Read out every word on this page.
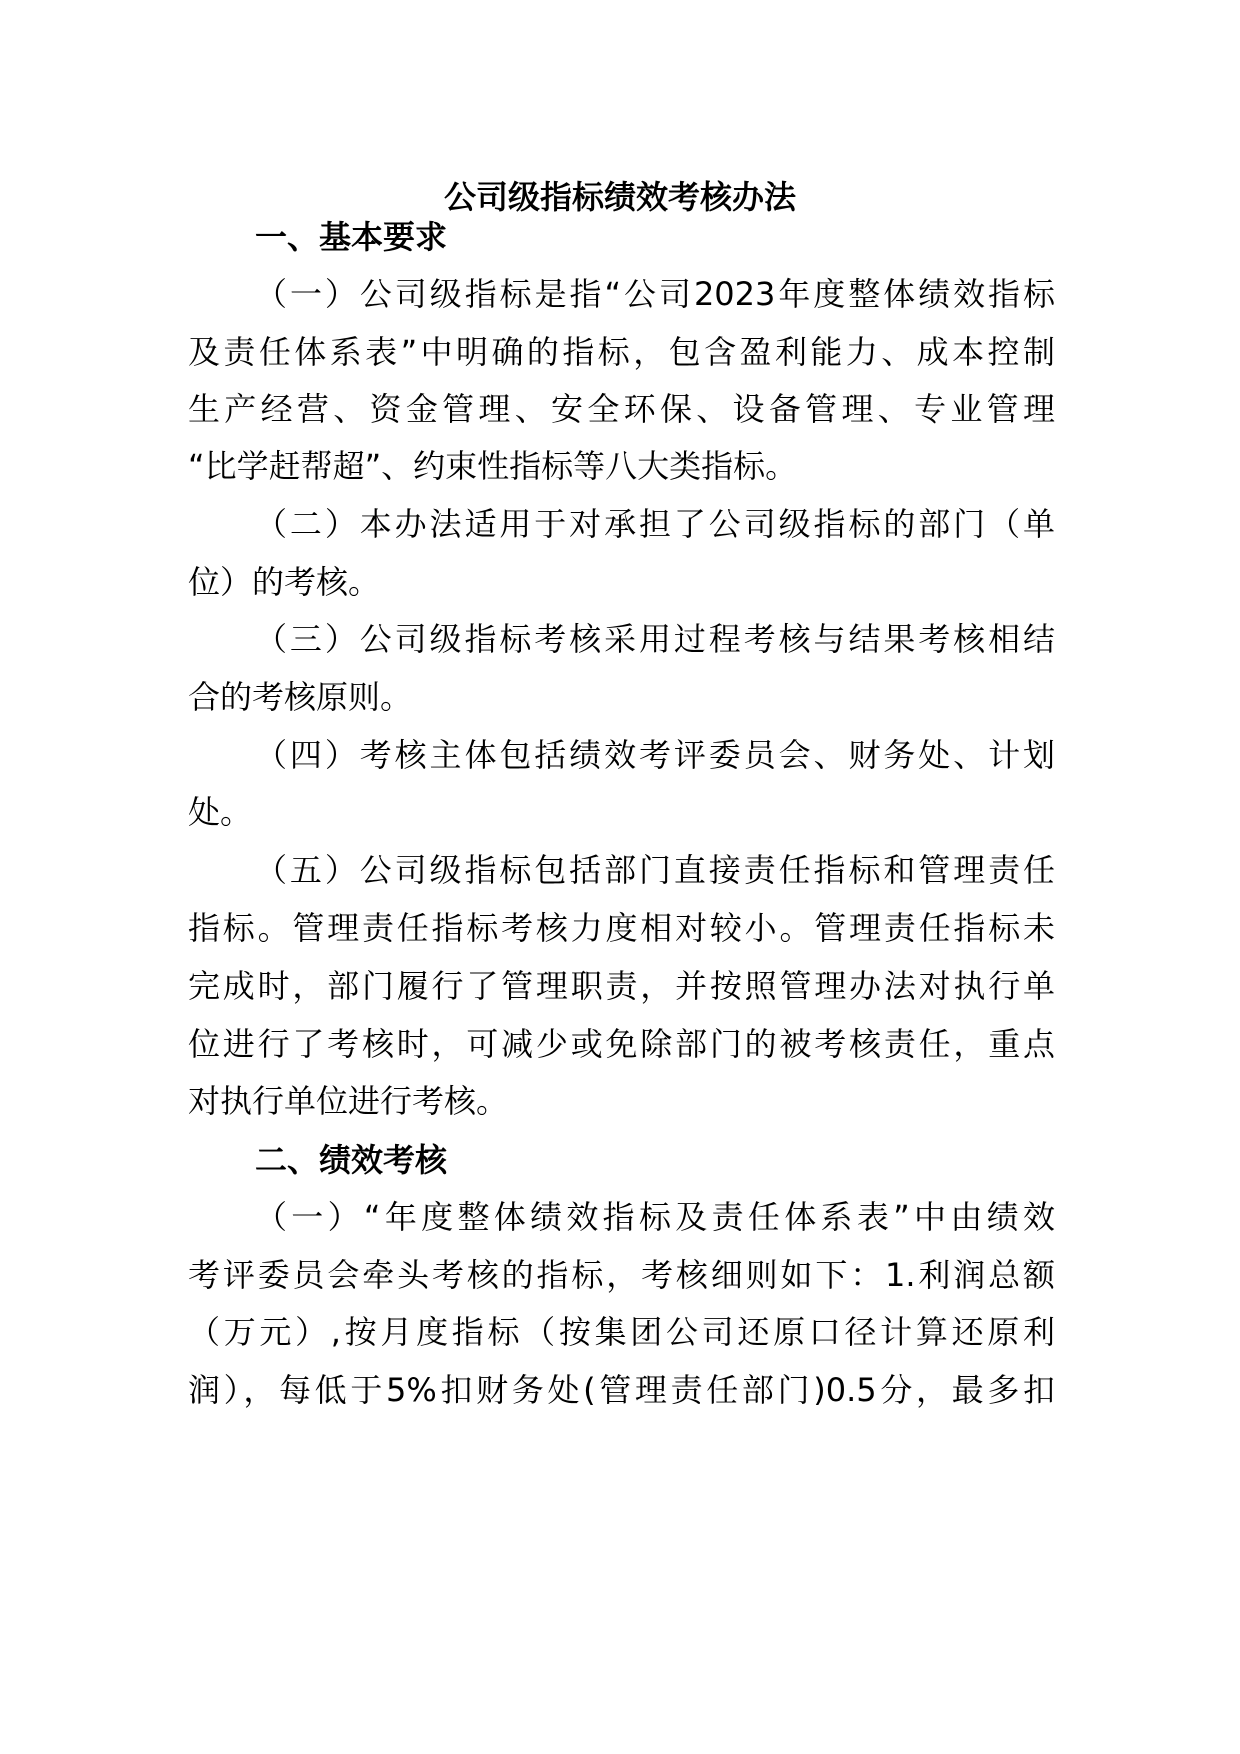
公司级指标绩效考核办法
一、基本要求

（一）公司级指标是指“公司2023年度整体绩效指标

及责任体系表”中明确的指标，包含盈利能力、成本控制

生产经营、资金管理、安全环保、设备管理、专业管理

“比学赶帮超”、约束性指标等八大类指标。

（二）本办法适用于对承担了公司级指标的部门（单

位）的考核。

（三）公司级指标考核采用过程考核与结果考核相结

合的考核原则。

（四）考核主体包括绩效考评委员会、财务处、计划

处。

（五）公司级指标包括部门直接责任指标和管理责任

指标。管理责任指标考核力度相对较小。管理责任指标未

完成时，部门履行了管理职责，并按照管理办法对执行单

位进行了考核时，可减少或免除部门的被考核责任，重点

对执行单位进行考核。

二、绩效考核

（一）“年度整体绩效指标及责任体系表”中由绩效

考评委员会牵头考核的指标，考核细则如下：1.利润总额

（万元）,按月度指标（按集团公司还原口径计算还原利

润），每低于5%扣财务处(管理责任部门)0.5分，最多扣
